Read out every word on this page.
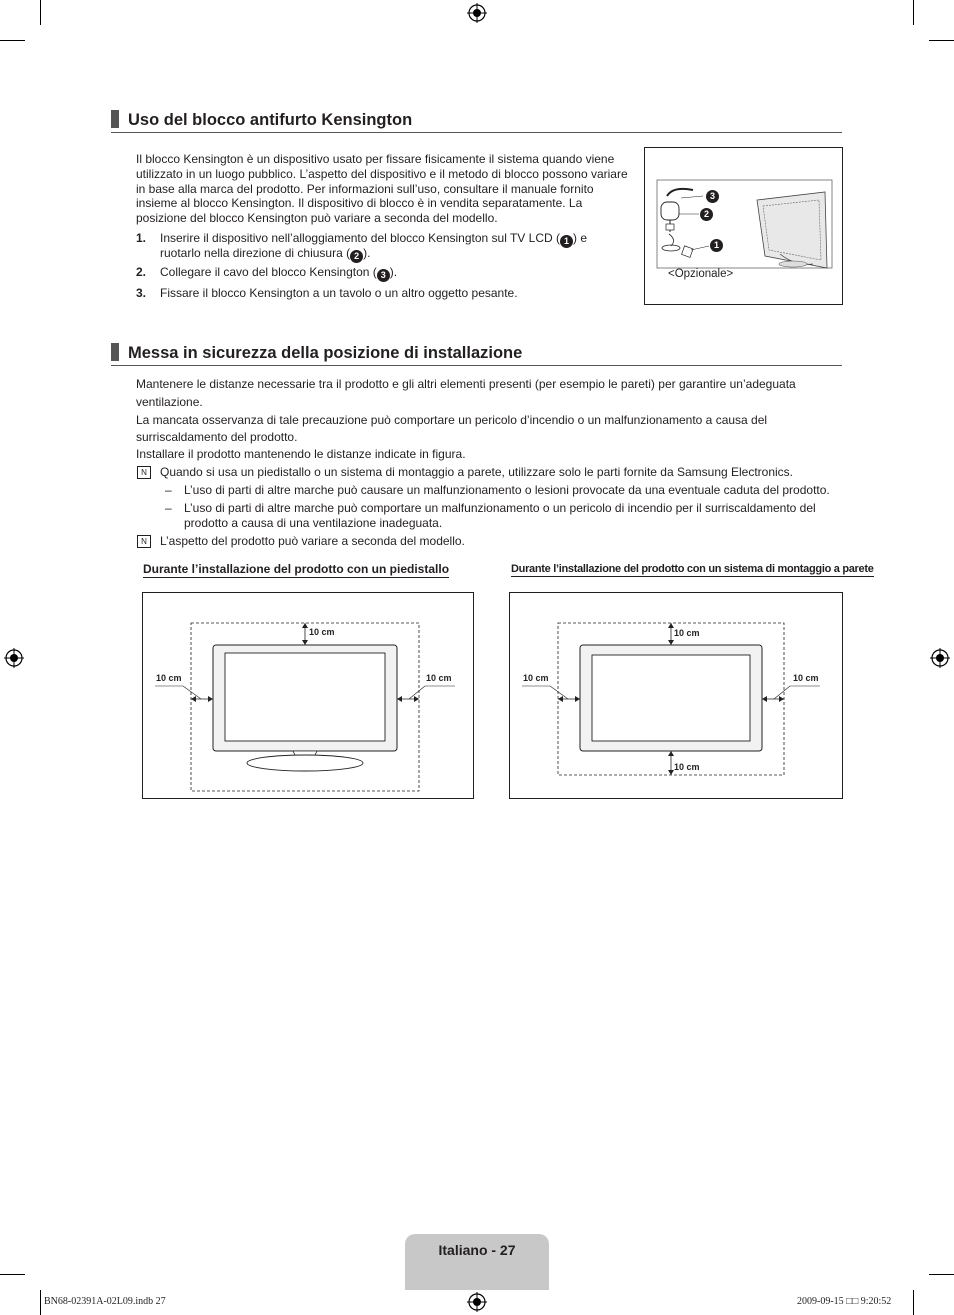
Uso del blocco antifurto Kensington
Il blocco Kensington è un dispositivo usato per fissare fisicamente il sistema quando viene utilizzato in un luogo pubblico. L’aspetto del dispositivo e il metodo di blocco possono variare in base alla marca del prodotto. Per informazioni sull’uso, consultare il manuale fornito insieme al blocco Kensington. Il dispositivo di blocco è in vendita separatamente. La posizione del blocco Kensington può variare a seconda del modello.
1. Inserire il dispositivo nell’alloggiamento del blocco Kensington sul TV LCD ( 1 ) e
ruotarlo nella direzione di chiusura ( 2 ).
2. Collegare il cavo del blocco Kensington ( 3 ).
3. Fissare il blocco Kensington a un tavolo o un altro oggetto pesante.
3
2
1
<Opzionale>
Messa in sicurezza della posizione di installazione
Mantenere le distanze necessarie tra il prodotto e gli altri elementi presenti (per esempio le pareti) per garantire un’adeguata
ventilazione.
La mancata osservanza di tale precauzione può comportare un pericolo d’incendio o un malfunzionamento a causa del
surriscaldamento del prodotto.
Installare il prodotto mantenendo le distanze indicate in figura.
N	Quando si usa un piedistallo o un sistema di montaggio a parete, utilizzare solo le parti fornite da Samsung Electronics.
– L’uso di parti di altre marche può causare un malfunzionamento o lesioni provocate da una eventuale caduta del prodotto.
– L’uso di parti di altre marche può comportare un malfunzionamento o un pericolo di incendio per il surriscaldamento del
prodotto a causa di una ventilazione inadeguata.
N	L’aspetto del prodotto può variare a seconda del modello.
Durante l’installazione del prodotto con un piedistallo	Durante l’installazione del prodotto con un sistema di montaggio a parete
10 cm
10 cm	10 cm
10 cm
10 cm	10 cm
10 cm
Italiano - 27
BN68-02391A-02L09.indb 27	2009-09-15 □□ 9:20:52
